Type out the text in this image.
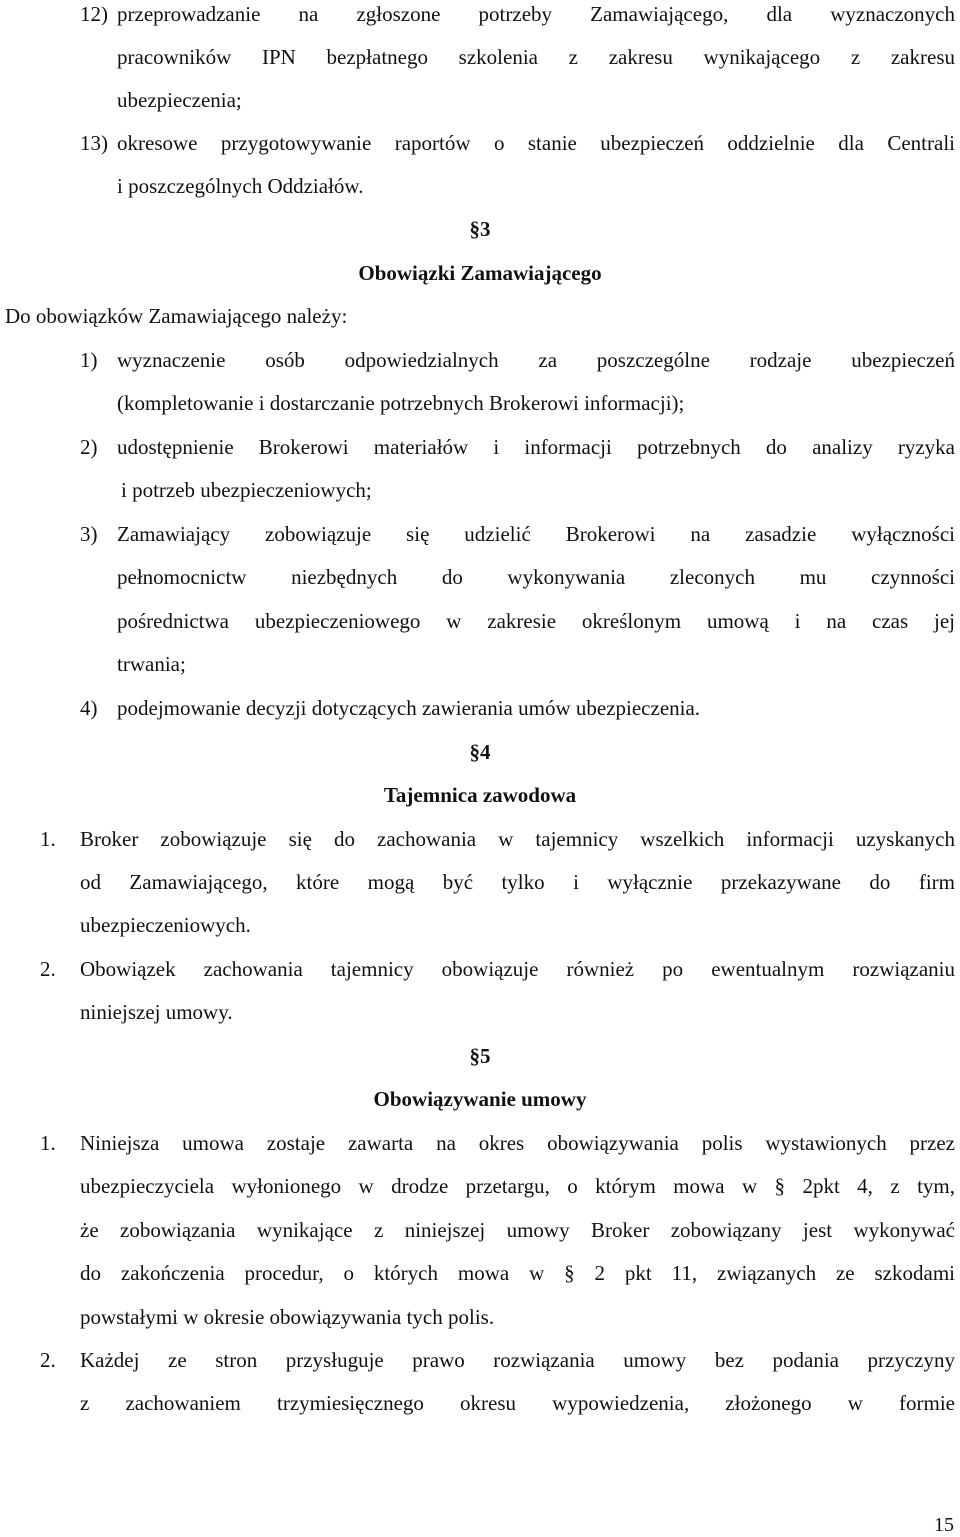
12) przeprowadzanie na zgłoszone potrzeby Zamawiającego, dla wyznaczonych
pracowników IPN bezpłatnego szkolenia z zakresu wynikającego z zakresu
ubezpieczenia;
13) okresowe przygotowywanie raportów o stanie ubezpieczeń oddzielnie dla Centrali
i poszczególnych Oddziałów.
§3
Obowiązki Zamawiającego
Do obowiązków Zamawiającego należy:
1) wyznaczenie osób odpowiedzialnych za poszczególne rodzaje ubezpieczeń
(kompletowanie i dostarczanie potrzebnych Brokerowi informacji);
2) udostępnienie Brokerowi materiałów i informacji potrzebnych do analizy ryzyka
i potrzeb ubezpieczeniowych;
3) Zamawiający zobowiązuje się udzielić Brokerowi na zasadzie wyłączności
pełnomocnictw niezbędnych do wykonywania zleconych mu czynności
pośrednictwa ubezpieczeniowego w zakresie określonym umową i na czas jej
trwania;
4) podejmowanie decyzji dotyczących zawierania umów ubezpieczenia.
§4
Tajemnica zawodowa
1. Broker zobowiązuje się do zachowania w tajemnicy wszelkich informacji uzyskanych
od Zamawiającego, które mogą być tylko i wyłącznie przekazywane do firm
ubezpieczeniowych.
2. Obowiązek zachowania tajemnicy obowiązuje również po ewentualnym rozwiązaniu
niniejszej umowy.
§5
Obowiązywanie umowy
1. Niniejsza umowa zostaje zawarta na okres obowiązywania polis wystawionych przez
ubezpieczyciela wyłonionego w drodze przetargu, o którym mowa w § 2pkt 4, z tym,
że zobowiązania wynikające z niniejszej umowy Broker zobowiązany jest wykonywać
do zakończenia procedur, o których mowa w § 2 pkt 11, związanych ze szkodami
powstałymi w okresie obowiązywania tych polis.
2. Każdej ze stron przysługuje prawo rozwiązania umowy bez podania przyczyny
z zachowaniem trzymiesięcznego okresu wypowiedzenia, złożonego w formie
15
